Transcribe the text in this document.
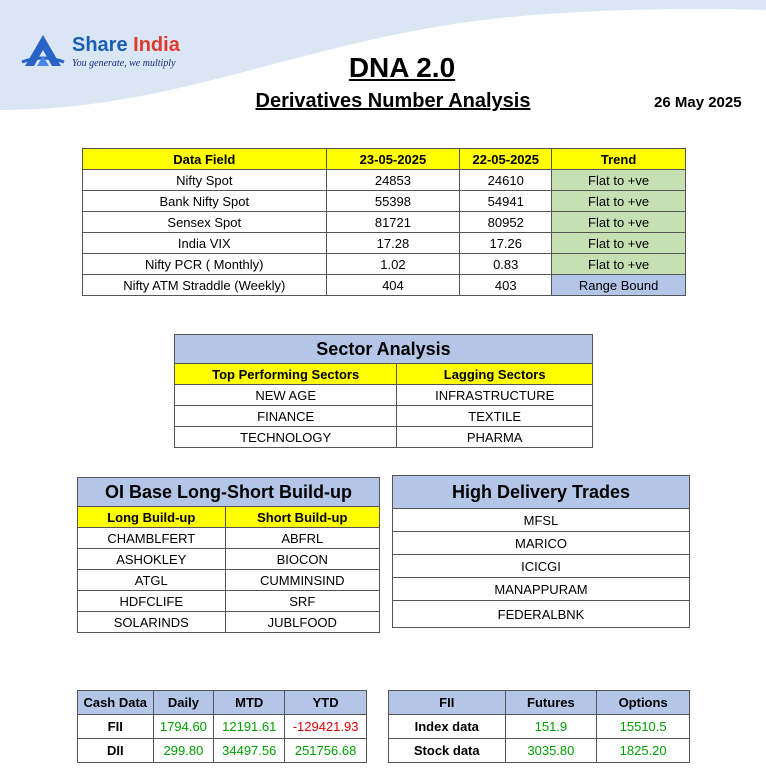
Share India
You generate, we multiply	DNA 2.0
Derivatives Number Analysis	26 May 2025
Data Field	23-05-2025	22-05-2025	Trend
Nifty Spot	24853	24610	Flat to +ve
Bank Nifty Spot	55398	54941	Flat to +ve
Sensex Spot	81721	80952	Flat to +ve
India VIX	17.28	17.26	Flat to +ve
Nifty PCR ( Monthly)	1.02	0.83	Flat to +ve
Nifty ATM Straddle (Weekly)	404	403	Range Bound
Sector Analysis	
Top Performing Sectors	Lagging Sectors
NEW AGE	INFRASTRUCTURE
FINANCE	TEXTILE
TECHNOLOGY	PHARMA
OI Base Long-Short Build-up	
Long Build-up	Short Build-up
CHAMBLFERT	ABFRL
ASHOKLEY	BIOCON
ATGL	CUMMINSIND
HDFCLIFE	SRF
SOLARINDS	JUBLFOOD
High Delivery Trades
MFSL
MARICO
ICICGI
MANAPPURAM
FEDERALBNK
Cash Data	Daily	MTD	YTD
FII	1794.60	12191.61	-129421.93
DII	299.80	34497.56	251756.68
FII	Futures	Options
Index data	151.9	15510.5
Stock data	3035.80	1825.20
